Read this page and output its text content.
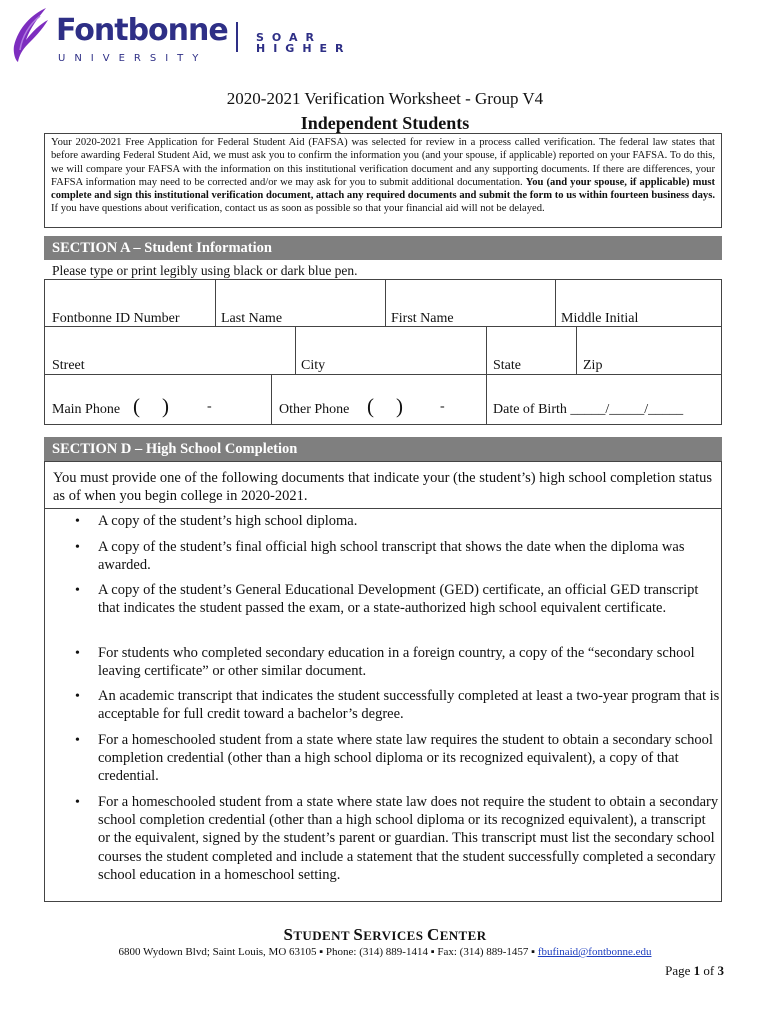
Fontbonne
UNIVERSITY
SOAR HIGHER
2020-2021 Verification Worksheet - Group V4
Independent Students
Your 2020-2021 Free Application for Federal Student Aid (FAFSA) was selected for review in a process called verification. The federal law states that before awarding Federal Student Aid, we must ask you to confirm the information you (and your spouse, if applicable) reported on your FAFSA. To do this, we will compare your FAFSA with the information on this institutional verification document and any supporting documents. If there are differences, your FAFSA information may need to be corrected and/or we may ask for you to submit additional documentation. You (and your spouse, if applicable) must complete and sign this institutional verification document, attach any required documents and submit the form to us within fourteen business days. If you have questions about verification, contact us as soon as possible so that your financial aid will not be delayed.
SECTION A – Student Information
Please type or print legibly using black or dark blue pen.
Fontbonne ID Number	Last Name	First Name	Middle Initial
Street	City	State	Zip
Main Phone ( )	-	Other Phone ( )	-	Date of Birth _____/_____/_____
SECTION D – High School Completion
You must provide one of the following documents that indicate your (the student’s) high school completion status as of when you begin college in 2020-2021.
• A copy of the student’s high school diploma.
• A copy of the student’s final official high school transcript that shows the date when the diploma was awarded.
• A copy of the student’s General Educational Development (GED) certificate, an official GED transcript that indicates the student passed the exam, or a state-authorized high school equivalent certificate.
• For students who completed secondary education in a foreign country, a copy of the “secondary school leaving certificate” or other similar document.
• An academic transcript that indicates the student successfully completed at least a two-year program that is acceptable for full credit toward a bachelor’s degree.
• For a homeschooled student from a state where state law requires the student to obtain a secondary school completion credential (other than a high school diploma or its recognized equivalent), a copy of that credential.
• For a homeschooled student from a state where state law does not require the student to obtain a secondary school completion credential (other than a high school diploma or its recognized equivalent), a transcript or the equivalent, signed by the student’s parent or guardian. This transcript must list the secondary school courses the student completed and include a statement that the student successfully completed a secondary school education in a homeschool setting.
STUDENT SERVICES CENTER
6800 Wydown Blvd; Saint Louis, MO 63105 ▪ Phone: (314) 889-1414 ▪ Fax: (314) 889-1457 ▪ fbufinaid@fontbonne.edu
Page 1 of 3
